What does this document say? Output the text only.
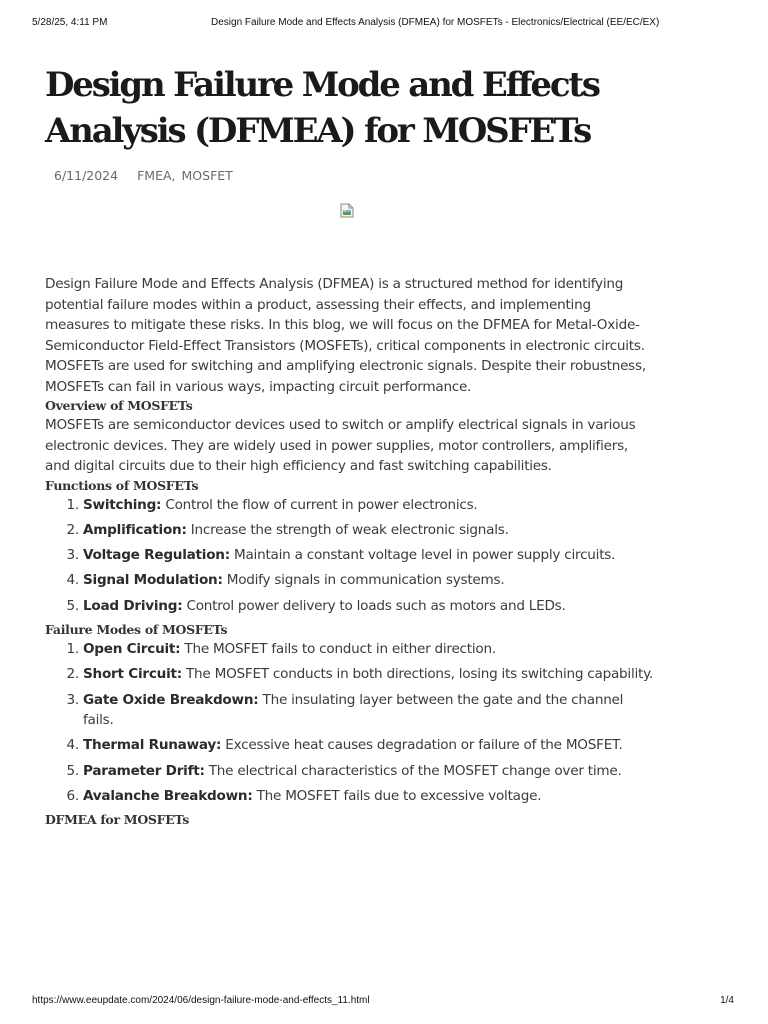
5/28/25, 4:11 PM	Design Failure Mode and Effects Analysis (DFMEA) for MOSFETs - Electronics/Electrical (EE/EC/EX)
Design Failure Mode and Effects Analysis (DFMEA) for MOSFETs
6/11/2024 FMEA , MOSFET

Design Failure Mode and Effects Analysis (DFMEA) is a structured method for identifying potential failure modes within a product, assessing their effects, and implementing measures to mitigate these risks. In this blog, we will focus on the DFMEA for Metal-Oxide-Semiconductor Field-Effect Transistors (MOSFETs), critical components in electronic circuits. MOSFETs are used for switching and amplifying electronic signals. Despite their robustness, MOSFETs can fail in various ways, impacting circuit performance.

Overview of MOSFETs

MOSFETs are semiconductor devices used to switch or amplify electrical signals in various electronic devices. They are widely used in power supplies, motor controllers, amplifiers, and digital circuits due to their high efficiency and fast switching capabilities.

Functions of MOSFETs
1. Switching: Control the flow of current in power electronics.
2. Amplification: Increase the strength of weak electronic signals.
3. Voltage Regulation: Maintain a constant voltage level in power supply circuits.
4. Signal Modulation: Modify signals in communication systems.
5. Load Driving: Control power delivery to loads such as motors and LEDs.
Failure Modes of MOSFETs
1. Open Circuit: The MOSFET fails to conduct in either direction.
2. Short Circuit: The MOSFET conducts in both directions, losing its switching capability.
3. Gate Oxide Breakdown: The insulating layer between the gate and the channel fails.
4. Thermal Runaway: Excessive heat causes degradation or failure of the MOSFET.
5. Parameter Drift: The electrical characteristics of the MOSFET change over time.
6. Avalanche Breakdown: The MOSFET fails due to excessive voltage.
DFMEA for MOSFETs
https://www.eeupdate.com/2024/06/design-failure-mode-and-effects_11.html	1/4
